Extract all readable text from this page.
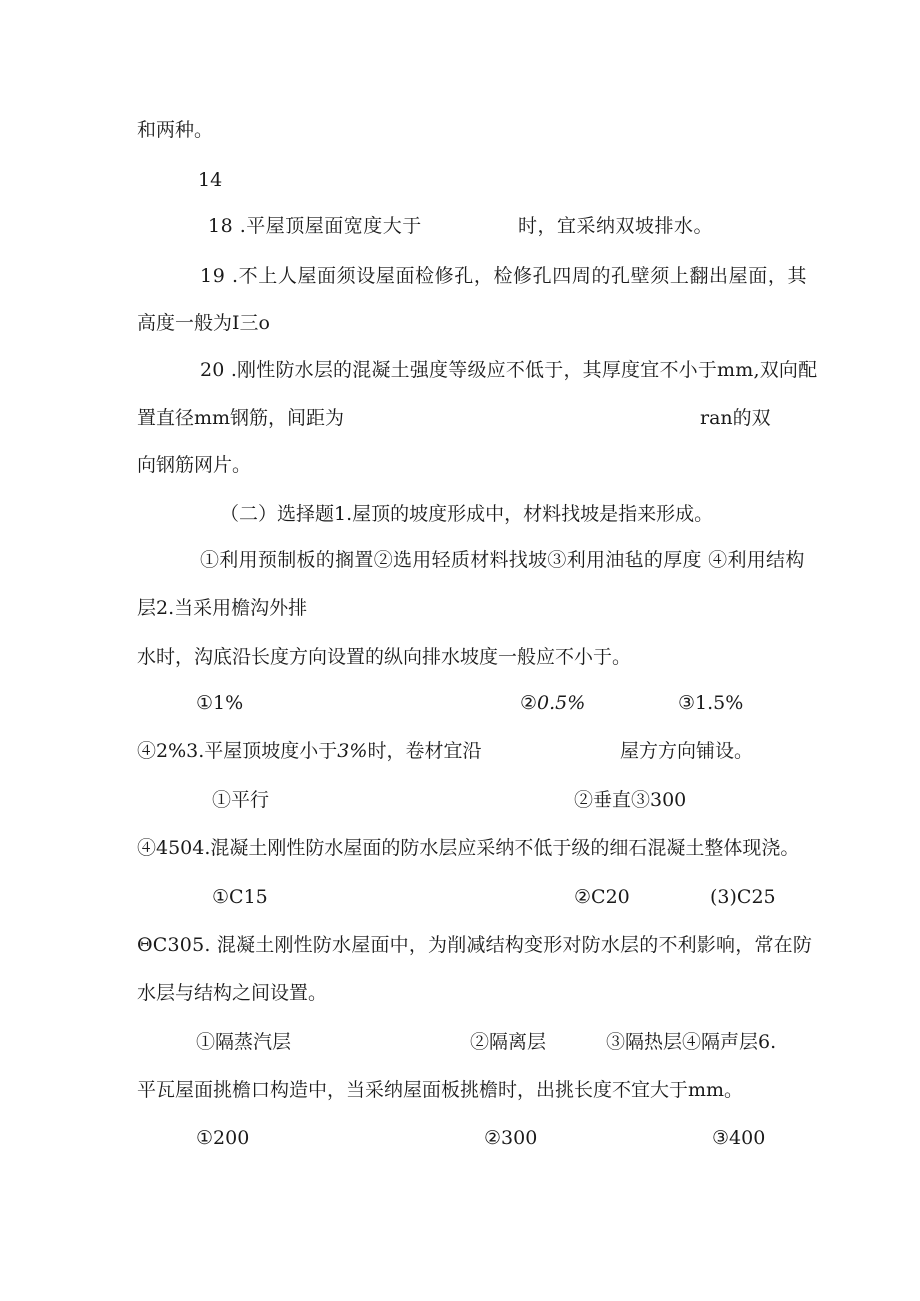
和两种。
14
18 .平屋顶屋面宽度大于	时，宜采纳双坡排水。
19 .不上人屋面须设屋面检修孔，检修孔四周的孔壁须上翻出屋面，其
高度一般为I三o
20 .刚性防水层的混凝土强度等级应不低于，其厚度宜不小于mm,双向配
置直径mm钢筋，间距为	ran的双
向钢筋网片。
（二）选择题1.屋顶的坡度形成中，材料找坡是指来形成。
①利用预制板的搁置②选用轻质材料找坡③利用油毡的厚度 ④利用结构
层2.当采用檐沟外排
水时，沟底沿长度方向设置的纵向排水坡度一般应不小于。
①1%	②0.5%	③1.5%
④2%3.平屋顶坡度小于3%时，卷材宜沿	屋方方向铺设。
①平行	②垂直③300
④4504.混凝土刚性防水屋面的防水层应采纳不低于级的细石混凝土整体现浇。
①C15	②C20	(3)C25
ΘC305. 混凝土刚性防水屋面中，为削减结构变形对防水层的不利影响，常在防
水层与结构之间设置。
①隔蒸汽层	②隔离层	③隔热层④隔声层6.
平瓦屋面挑檐口构造中，当采纳屋面板挑檐时，出挑长度不宜大于mm。
①200	②300	③400
